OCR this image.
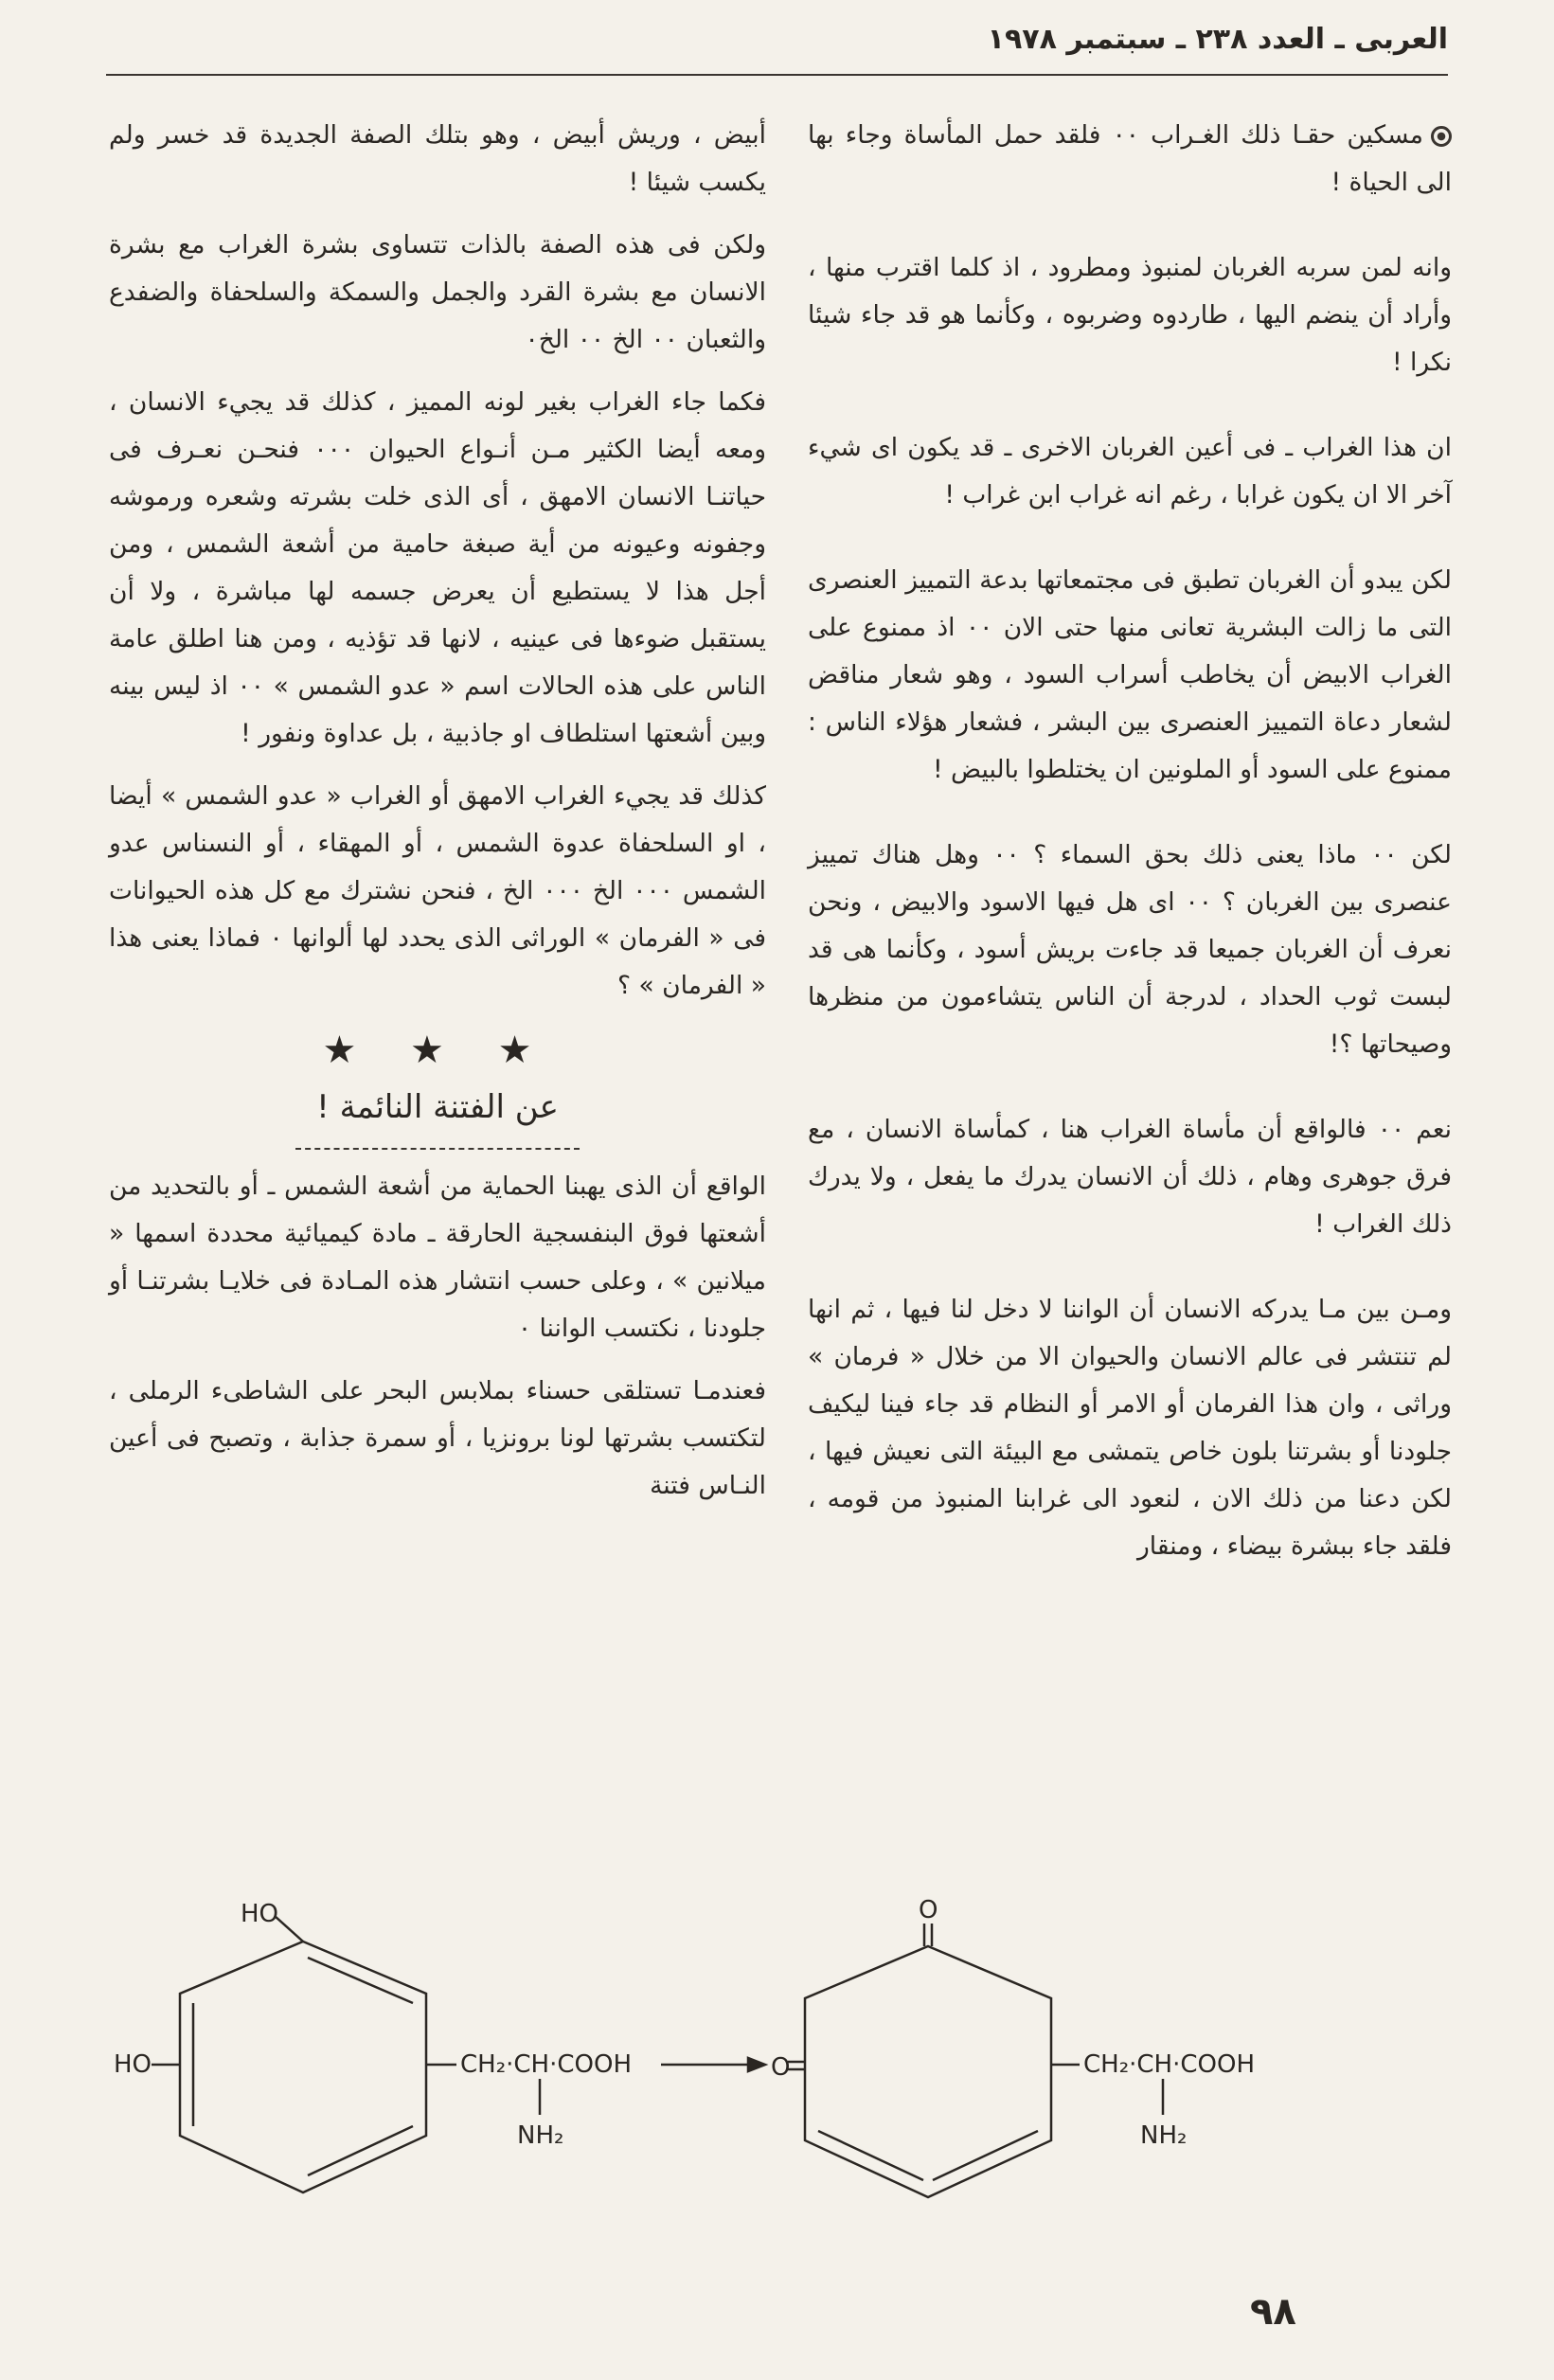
العربى ـ العدد ٢٣٨ ـ سبتمبر ١٩٧٨

مسكين حقـا ذلك الغـراب ٠٠ فلقد حمل المأساة وجاء بها الى الحياة !

وانه لمن سربه الغربان لمنبوذ ومطرود ، اذ كلما اقترب منها ، وأراد أن ينضم اليها ، طاردوه وضربوه ، وكأنما هو قد جاء شيئا نكرا !

ان هذا الغراب ـ فى أعين الغربان الاخرى ـ قد يكون اى شيء آخر الا ان يكون غرابا ، رغم انه غراب ابن غراب !

لكن يبدو أن الغربان تطبق فى مجتمعاتها بدعة التمييز العنصرى التى ما زالت البشرية تعانى منها حتى الان ٠٠ اذ ممنوع على الغراب الابيض أن يخاطب أسراب السود ، وهو شعار مناقض لشعار دعاة التمييز العنصرى بين البشر ، فشعار هؤلاء الناس : ممنوع على السود أو الملونين ان يختلطوا بالبيض !

لكن ٠٠ ماذا يعنى ذلك بحق السماء ؟ ٠٠ وهل هناك تمييز عنصرى بين الغربان ؟ ٠٠ اى هل فيها الاسود والابيض ، ونحن نعرف أن الغربان جميعا قد جاءت بريش أسود ، وكأنما هى قد لبست ثوب الحداد ، لدرجة أن الناس يتشاءمون من منظرها وصيحاتها ؟!

نعم ٠٠ فالواقع أن مأساة الغراب هنا ، كمأساة الانسان ، مع فرق جوهرى وهام ، ذلك أن الانسان يدرك ما يفعل ، ولا يدرك ذلك الغراب !

ومـن بين مـا يدركه الانسان أن الواننا لا دخل لنا فيها ، ثم انها لم تنتشر فى عالم الانسان والحيوان الا من خلال « فرمان » وراثى ، وان هذا الفرمان أو الامر أو النظام قد جاء فينا ليكيف جلودنا أو بشرتنا بلون خاص يتمشى مع البيئة التى نعيش فيها ، لكن دعنا من ذلك الان ، لنعود الى غرابنا المنبوذ من قومه ، فلقد جاء ببشرة بيضاء ، ومنقار

أبيض ، وريش أبيض ، وهو بتلك الصفة الجديدة قد خسر ولم يكسب شيئا !

ولكن فى هذه الصفة بالذات تتساوى بشرة الغراب مع بشرة الانسان مع بشرة القرد والجمل والسمكة والسلحفاة والضفدع والثعبان ٠٠ الخ ٠٠ الخ٠

فكما جاء الغراب بغير لونه المميز ، كذلك قد يجيء الانسان ، ومعه أيضا الكثير مـن أنـواع الحيوان ٠٠٠ فنحـن نعـرف فى حياتنـا الانسان الامهق ، أى الذى خلت بشرته وشعره ورموشه وجفونه وعيونه من أية صبغة حامية من أشعة الشمس ، ومن أجل هذا لا يستطيع أن يعرض جسمه لها مباشرة ، ولا أن يستقبل ضوءها فى عينيه ، لانها قد تؤذيه ، ومن هنا اطلق عامة الناس على هذه الحالات اسم « عدو الشمس » ٠٠ اذ ليس بينه وبين أشعتها استلطاف او جاذبية ، بل عداوة ونفور !

كذلك قد يجيء الغراب الامهق أو الغراب « عدو الشمس » أيضا ، او السلحفاة عدوة الشمس ، أو المهقاء ، أو النسناس عدو الشمس ٠٠٠ الخ ٠٠٠ الخ ، فنحن نشترك مع كل هذه الحيوانات فى « الفرمان » الوراثى الذى يحدد لها ألوانها ٠ فماذا يعنى هذا « الفرمان » ؟

★ ★ ★
عن الفتنة النائمة !

الواقع أن الذى يهبنا الحماية من أشعة الشمس ـ أو بالتحديد من أشعتها فوق البنفسجية الحارقة ـ مادة كيميائية محددة اسمها « ميلانين » ، وعلى حسب انتشار هذه المـادة فى خلايـا بشرتنـا أو جلودنا ، نكتسب الواننا ٠

فعندمـا تستلقى حسناء بملابس البحر على الشاطىء الرملى ، لتكتسب بشرتها لونا برونزيا ، أو سمرة جذابة ، وتصبح فى أعين النـاس فتنة

HO
HO	CH₂·CH·COOH
NH₂
O
O	CH₂·CH·COOH
NH₂
٩٨
